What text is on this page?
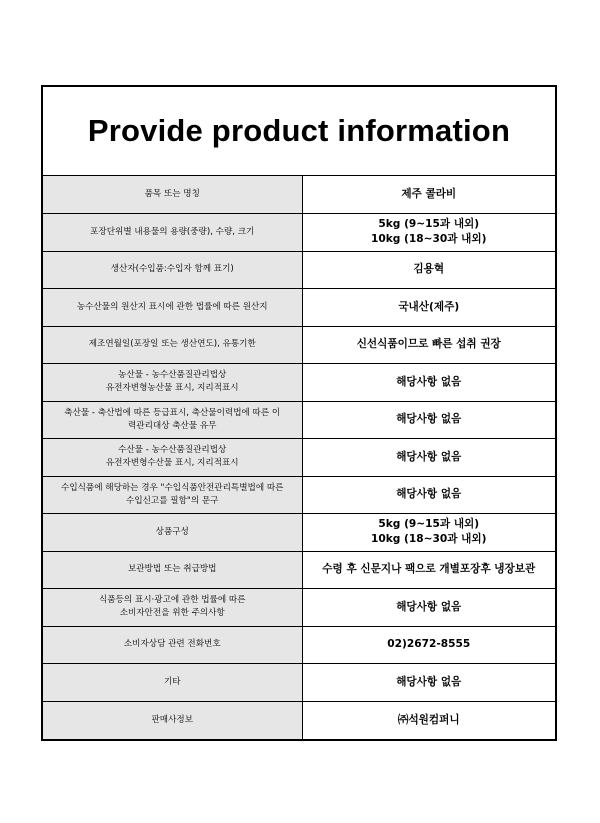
Provide product information
품목 또는 명칭	제주 콜라비

포장단위별 내용물의 용량(중량), 수량, 크기	5kg (9~15과 내외)
10kg (18~30과 내외)

생산자(수입품:수입자 함께 표기)	김용혁

농수산물의 원산지 표시에 관한 법률에 따른 원산지	국내산(제주)

제조연월일(포장일 또는 생산연도), 유통기한	신선식품이므로 빠른 섭취 권장

농산물 - 농수산품질관리법상
유전자변형농산물 표시, 지리적표시	해당사항 없음

축산물 - 축산법에 따른 등급표시, 축산물이력법에 따른 이
력관리대상 축산물 유무	해당사항 없음

수산물 - 농수산품질관리법상
유전자변형수산물 표시, 지리적표시	해당사항 없음

수입식품에 해당하는 경우 "수입식품안전관리특별법에 따른
수입신고를 필함"의 문구	해당사항 없음

상품구성	5kg (9~15과 내외)
10kg (18~30과 내외)

보관방법 또는 취급방법	수령 후 신문지나 팩으로 개별포장후 냉장보관

식품등의 표시·광고에 관한 법률에 따른
소비자안전을 위한 주의사항	해당사항 없음

소비자상담 관련 전화번호	02)2672-8555

기타	해당사항 없음

판매사정보	㈜석원컴퍼니
